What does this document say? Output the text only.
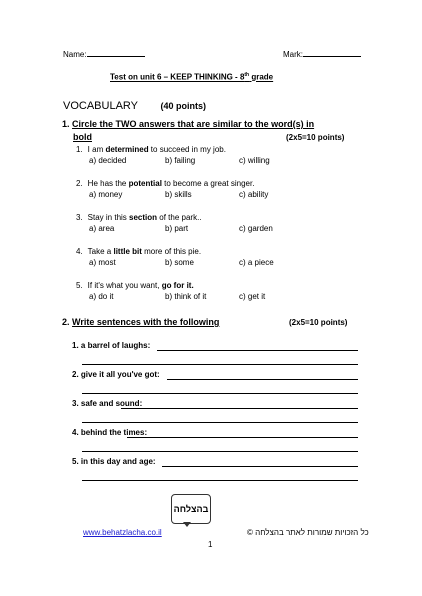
Name:	Mark:
Test on unit 6 – KEEP THINKING - 8th grade
VOCABULARY (40 points)
1. Circle the TWO answers that are similar to the word(s) in
bold	(2x5=10 points)
1. I am determined to succeed in my job.
a) decided	b) failing	c) willing
2. He has the potential to become a great singer.
a) money	b) skills	c) ability
3. Stay in this section of the park..
a) area	b) part	c) garden
4. Take a little bit more of this pie.
a) most	b) some	c) a piece
5. If it's what you want, go for it.
a) do it	b) think of it	c) get it
2. Write sentences with the following	(2x5=10 points)
1. a barrel of laughs:
2. give it all you've got:
3. safe and sound:
4. behind the times:
5. in this day and age:
בהצלחה
www.behatzlacha.co.il	כל הזכויות שמורות לאתר בהצלחה ©
1
